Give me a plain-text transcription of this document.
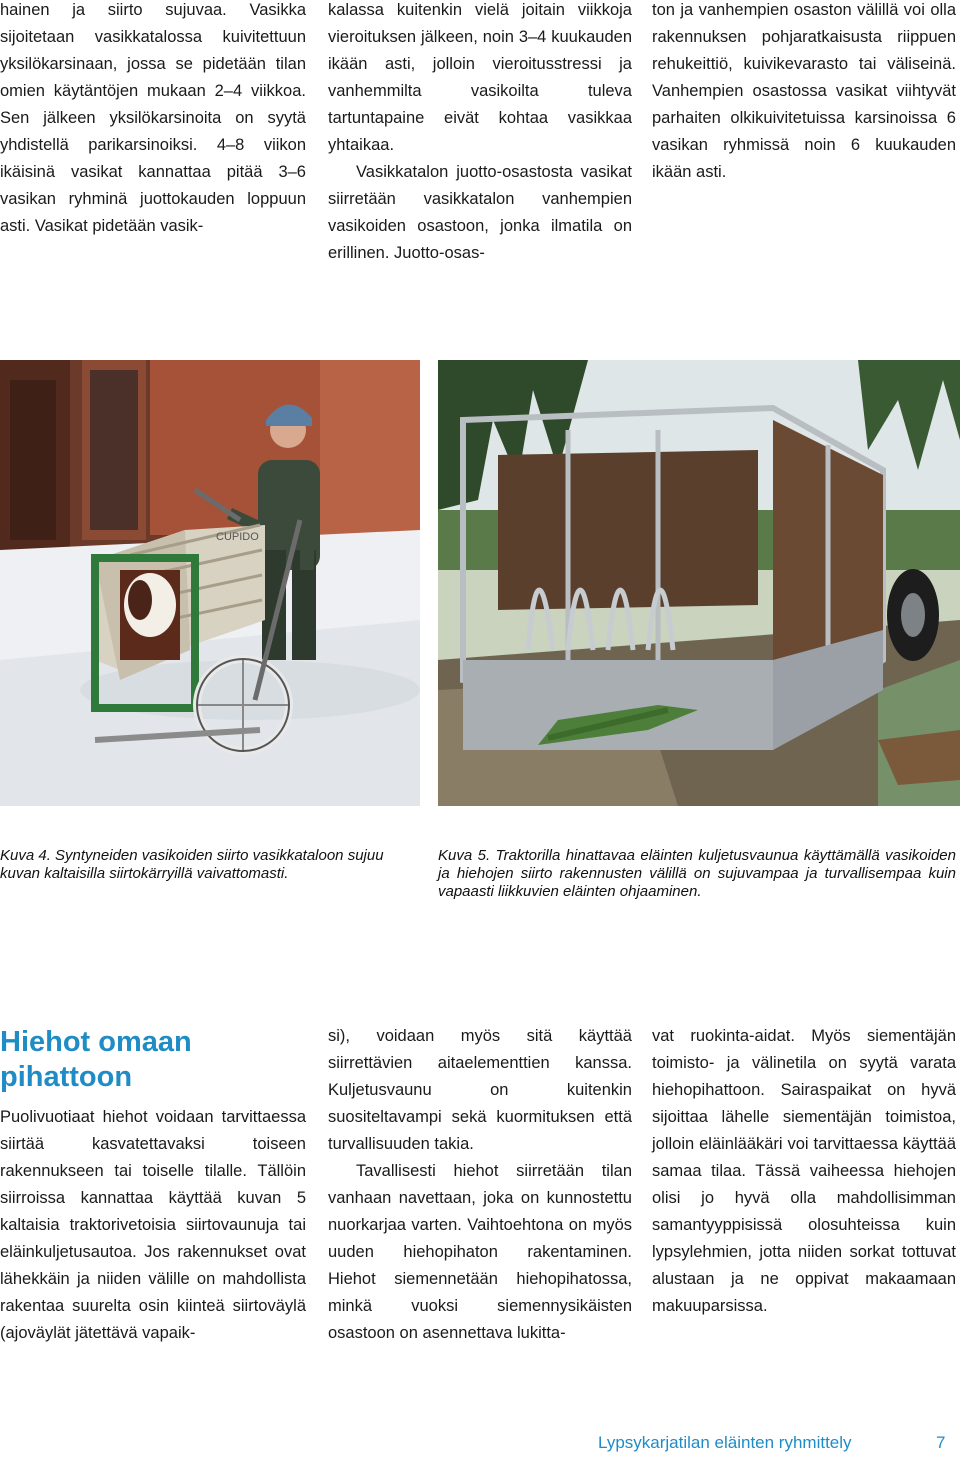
hainen ja siirto sujuvaa. Vasikka sijoitetaan vasikkatalossa kuivitettuun yksilökarsinaan, jossa se pidetään tilan omien käytäntöjen mukaan 2–4 viikkoa. Sen jälkeen yksilökarsinoita on syytä yhdistellä parikarsinoiksi. 4–8 viikon ikäisinä vasikat kannattaa pitää 3–6 vasikan ryhminä juottokauden loppuun asti. Vasikat pidetään vasik-

kalassa kuitenkin vielä joitain viikkoja vieroituksen jälkeen, noin 3–4 kuukauden ikään asti, jolloin vieroitusstressi ja vanhemmilta vasikoilta tuleva tartuntapaine eivät kohtaa vasikkaa yhtaikaa.

Vasikkatalon juotto-osastosta vasikat siirretään vasikkatalon vanhempien vasikoiden osastoon, jonka ilmatila on erillinen. Juotto-osas-

ton ja vanhempien osaston välillä voi olla rakennuksen pohjaratkaisusta riippuen rehukeittiö, kuivikevarasto tai väliseinä. Vanhempien osastossa vasikat viihtyvät parhaiten olkikuivitetuissa karsinoissa 6 vasikan ryhmissä noin 6 kuukauden ikään asti.

CUPIDO
Kuva 4. Syntyneiden vasikoiden siirto vasikkataloon sujuu kuvan kaltaisilla siirtokärryillä vaivattomasti.
Kuva 5. Traktorilla hinattavaa eläinten kuljetusvaunua käyttämällä vasikoiden ja hiehojen siirto rakennusten välillä on sujuvampaa ja turvallisempaa kuin vapaasti liikkuvien eläinten ohjaaminen.
Hiehot omaan pihattoon

Puolivuotiaat hiehot voidaan tarvittaessa siirtää kasvatettavaksi toiseen rakennukseen tai toiselle tilalle. Tällöin siirroissa kannattaa käyttää kuvan 5 kaltaisia traktorivetoisia siirtovaunuja tai eläinkuljetusautoa. Jos rakennukset ovat lähekkäin ja niiden välille on mahdollista rakentaa suurelta osin kiinteä siirtoväylä (ajoväylät jätettävä vapaik-

si), voidaan myös sitä käyttää siirrettävien aitaelementtien kanssa. Kuljetusvaunu on kuitenkin suositeltavampi sekä kuormituksen että turvallisuuden takia.

Tavallisesti hiehot siirretään tilan vanhaan navettaan, joka on kunnostettu nuorkarjaa varten. Vaihtoehtona on myös uuden hiehopihaton rakentaminen. Hiehot siemennetään hiehopihatossa, minkä vuoksi siemennysikäisten osastoon on asennettava lukitta-

vat ruokinta-aidat. Myös siementäjän toimisto- ja välinetila on syytä varata hiehopihattoon. Sairaspaikat on hyvä sijoittaa lähelle siementäjän toimistoa, jolloin eläinlääkäri voi tarvittaessa käyttää samaa tilaa. Tässä vaiheessa hiehojen olisi jo hyvä olla mahdollisimman samantyyppisissä olosuhteissa kuin lypsylehmien, jotta niiden sorkat tottuvat alustaan ja ne oppivat makaamaan makuuparsissa.

Lypsykarjatilan eläinten ryhmittely	7
